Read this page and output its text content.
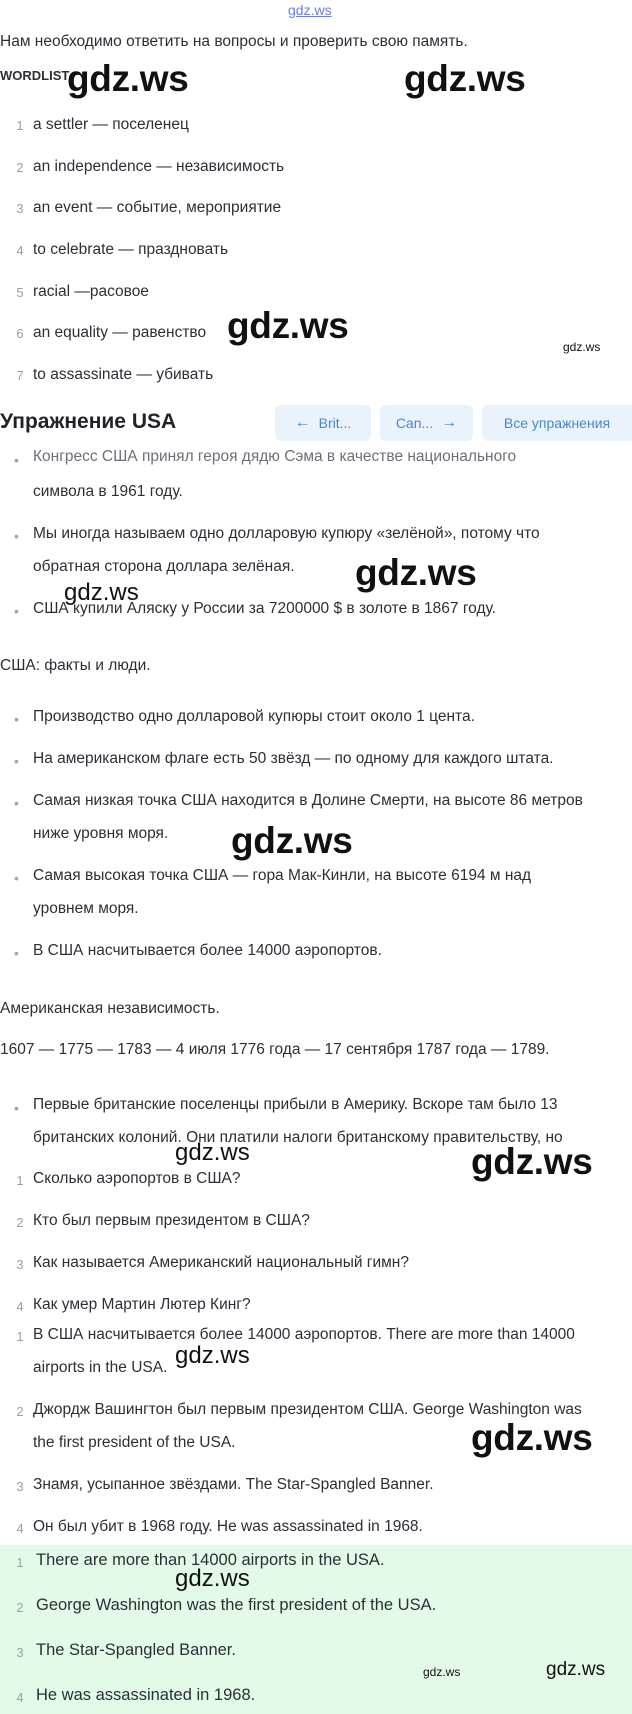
gdz.ws
Нам необходимо ответить на вопросы и проверить свою память.
WORDLIST
1 a settler — поселенец
2 an independence — независимость
3 an event — событие, мероприятие
4 to celebrate — праздновать
5 racial —расовое
6 an equality — равенство
7 to assassinate — убивать
Упражнение USA	← Brit...	Can... →	Все упражнения
• Конгресс США принял героя дядю Сэма в качестве национального
символа в 1961 году.
• Мы иногда называем одно долларовую купюру «зелёной», потому что
обратная сторона доллара зелёная.
• США купили Аляску у России за 7200000 $ в золоте в 1867 году.
США: факты и люди.
• Производство одно долларовой купюры стоит около 1 цента.
• На американском флаге есть 50 звёзд — по одному для каждого штата.
• Самая низкая точка США находится в Долине Смерти, на высоте 86 метров
ниже уровня моря.
• Самая высокая точка США — гора Мак-Кинли, на высоте 6194 м над
уровнем моря.
• В США насчитывается более 14000 аэропортов.
Американская независимость.
1607 — 1775 — 1783 — 4 июля 1776 года — 17 сентября 1787 года — 1789.
• Первые британские поселенцы прибыли в Америку. Вскоре там было 13
британских колоний. Они платили налоги британскому правительству, но
1 Сколько аэропортов в США?
2 Кто был первым президентом в США?
3 Как называется Американский национальный гимн?
4 Как умер Мартин Лютер Кинг?
1 В США насчитывается более 14000 аэропортов. There are more than 14000
airports in the USA.
2 Джордж Вашингтон был первым президентом США. George Washington was
the first president of the USA.
3 Знамя, усыпанное звёздами. The Star-Spangled Banner.
4 Он был убит в 1968 году. He was assassinated in 1968.
1 There are more than 14000 airports in the USA.
2 George Washington was the first president of the USA.
3 The Star-Spangled Banner.
4 He was assassinated in 1968.
gdz.ws	gdz.ws
gdz.ws
gdz.ws
gdz.ws
gdz.ws
gdz.ws
gdz.ws	gdz.ws
gdz.ws
gdz.ws
gdz.ws
gdz.ws	gdz.ws
